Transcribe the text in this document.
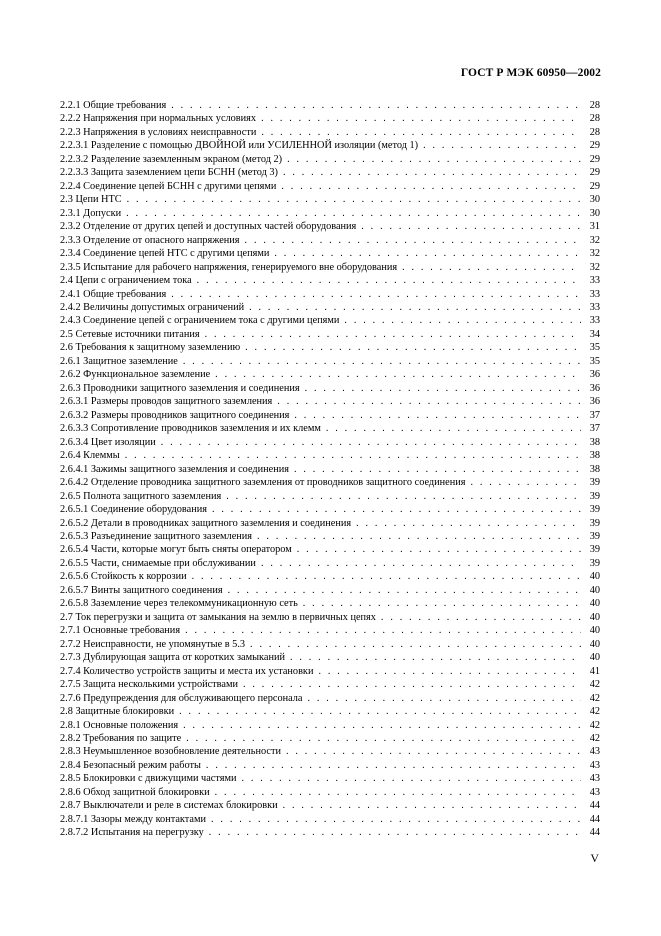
ГОСТ Р МЭК 60950—2002
2.2.1 Общие требования . . .	28
2.2.2 Напряжения при нормальных условиях . . .	28
2.2.3 Напряжения в условиях неисправности . . .	28
2.2.3.1 Разделение с помощью ДВОЙНОЙ или УСИЛЕННОЙ изоляции (метод 1) . . .	29
2.2.3.2 Разделение заземленным экраном (метод 2) . . .	29
2.2.3.3 Защита заземлением цепи БСНН (метод 3) . . .	29
2.2.4 Соединение цепей БСНН с другими цепями . . .	29
2.3 Цепи НТС . . .	30
2.3.1 Допуски . . .	30
2.3.2 Отделение от других цепей и доступных частей оборудования . . .	31
2.3.3 Отделение от опасного напряжения . . .	32
2.3.4 Соединение цепей НТС с другими цепями . . .	32
2.3.5 Испытание для рабочего напряжения, генерируемого вне оборудования . . .	32
2.4 Цепи с ограничением тока . . .	33
2.4.1 Общие требования . . .	33
2.4.2 Величины допустимых ограничений . . .	33
2.4.3 Соединение цепей с ограничением тока с другими цепями . . .	33
2.5 Сетевые источники питания . . .	34
2.6 Требования к защитному заземлению . . .	35
2.6.1 Защитное заземление . . .	35
2.6.2 Функциональное заземление . . .	36
2.6.3 Проводники защитного заземления и соединения . . .	36
2.6.3.1 Размеры проводов защитного заземления . . .	36
2.6.3.2 Размеры проводников защитного соединения . . .	37
2.6.3.3 Сопротивление проводников заземления и их клемм . . .	37
2.6.3.4 Цвет изоляции . . .	38
2.6.4 Клеммы . . .	38
2.6.4.1 Зажимы защитного заземления и соединения . . .	38
2.6.4.2 Отделение проводника защитного заземления от проводников защитного соединения . . .	39
2.6.5 Полнота защитного заземления . . .	39
2.6.5.1 Соединение оборудования . . .	39
2.6.5.2 Детали в проводниках защитного заземления и соединения . . .	39
2.6.5.3 Разъединение защитного заземления . . .	39
2.6.5.4 Части, которые могут быть сняты оператором . . .	39
2.6.5.5 Части, снимаемые при обслуживании . . .	39
2.6.5.6 Стойкость к коррозии . . .	40
2.6.5.7 Винты защитного соединения . . .	40
2.6.5.8 Заземление через телекоммуникационную сеть . . .	40
2.7 Ток перегрузки и защита от замыкания на землю в первичных цепях . . .	40
2.7.1 Основные требования . . .	40
2.7.2 Неисправности, не упомянутые в 5.3 . . .	40
2.7.3 Дублирующая защита от коротких замыканий . . .	40
2.7.4 Количество устройств защиты и места их установки . . .	41
2.7.5 Защита несколькими устройствами . . .	42
2.7.6 Предупреждения для обслуживающего персонала . . .	42
2.8 Защитные блокировки . . .	42
2.8.1 Основные положения . . .	42
2.8.2 Требования по защите . . .	42
2.8.3 Неумышленное возобновление деятельности . . .	43
2.8.4 Безопасный режим работы . . .	43
2.8.5 Блокировки с движущими частями . . .	43
2.8.6 Обход защитной блокировки . . .	43
2.8.7 Выключатели и реле в системах блокировки . . .	44
2.8.7.1 Зазоры между контактами . . .	44
2.8.7.2 Испытания на перегрузку . . .	44
V
